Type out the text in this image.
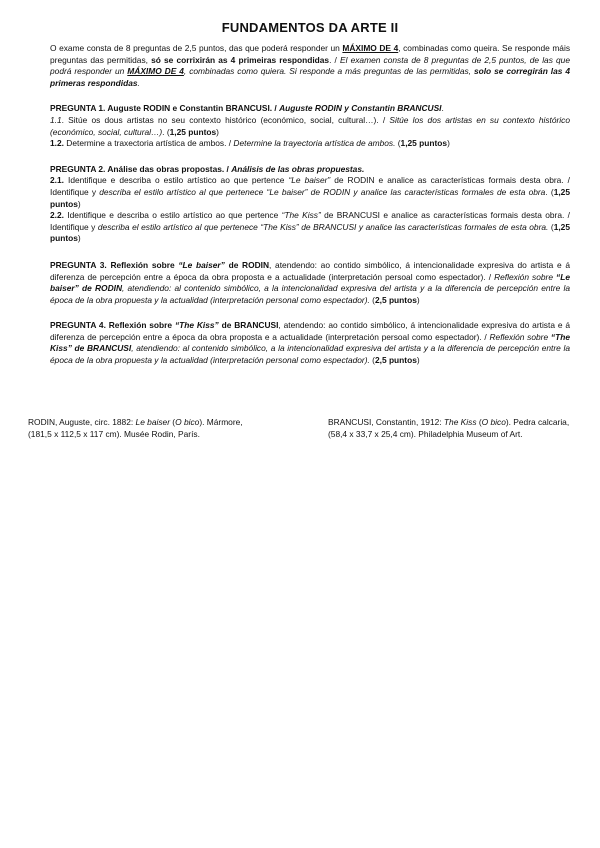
FUNDAMENTOS DA ARTE II

O exame consta de 8 preguntas de 2,5 puntos, das que poderá responder un MÁXIMO DE 4, combinadas como queira. Se responde máis preguntas das permitidas, só se corrixirán as 4 primeiras respondidas. / El examen consta de 8 preguntas de 2,5 puntos, de las que podrá responder un MÁXIMO DE 4, combinadas como quiera. Si responde a más preguntas de las permitidas, solo se corregirán las 4 primeras respondidas.

PREGUNTA 1. Auguste RODIN e Constantin BRANCUSI. / Auguste RODIN y Constantin BRANCUSI.

1.1. Sitúe os dous artistas no seu contexto histórico (económico, social, cultural…). / Sitúe los dos artistas en su contexto histórico (económico, social, cultural…). (1,25 puntos)

1.2. Determine a traxectoria artística de ambos. / Determine la trayectoria artística de ambos. (1,25 puntos)

PREGUNTA 2. Análise das obras propostas. / Análisis de las obras propuestas.

2.1. Identifique e describa o estilo artístico ao que pertence “Le baiser” de RODIN e analice as características formais desta obra. / Identifique y describa el estilo artístico al que pertenece “Le baiser” de RODIN y analice las características formales de esta obra. (1,25 puntos)

2.2. Identifique e describa o estilo artístico ao que pertence “The Kiss” de BRANCUSI e analice as características formais desta obra. / Identifique y describa el estilo artístico al que pertenece “The Kiss” de BRANCUSI y analice las características formales de esta obra. (1,25 puntos)

PREGUNTA 3. Reflexión sobre “Le baiser” de RODIN, atendendo: ao contido simbólico, á intencionalidade expresiva do artista e á diferenza de percepción entre a época da obra proposta e a actualidade (interpretación persoal como espectador). / Reflexión sobre “Le baiser” de RODIN, atendiendo: al contenido simbólico, a la intencionalidad expresiva del artista y a la diferencia de percepción entre la época de la obra propuesta y la actualidad (interpretación personal como espectador). (2,5 puntos)

PREGUNTA 4. Reflexión sobre “The Kiss” de BRANCUSI, atendendo: ao contido simbólico, á intencionalidade expresiva do artista e á diferenza de percepción entre a época da obra proposta e a actualidade (interpretación persoal como espectador). / Reflexión sobre “The Kiss” de BRANCUSI, atendiendo: al contenido simbólico, a la intencionalidad expresiva del artista y a la diferencia de percepción entre la época de la obra propuesta y la actualidad (interpretación personal como espectador). (2,5 puntos)

RODIN, Auguste, circ. 1882: Le baiser (O bico). Mármore, (181,5 x 112,5 x 117 cm). Musée Rodin, París.
BRANCUSI, Constantin, 1912: The Kiss (O bico). Pedra calcaria, (58,4 x 33,7 x 25,4 cm). Philadelphia Museum of Art.
